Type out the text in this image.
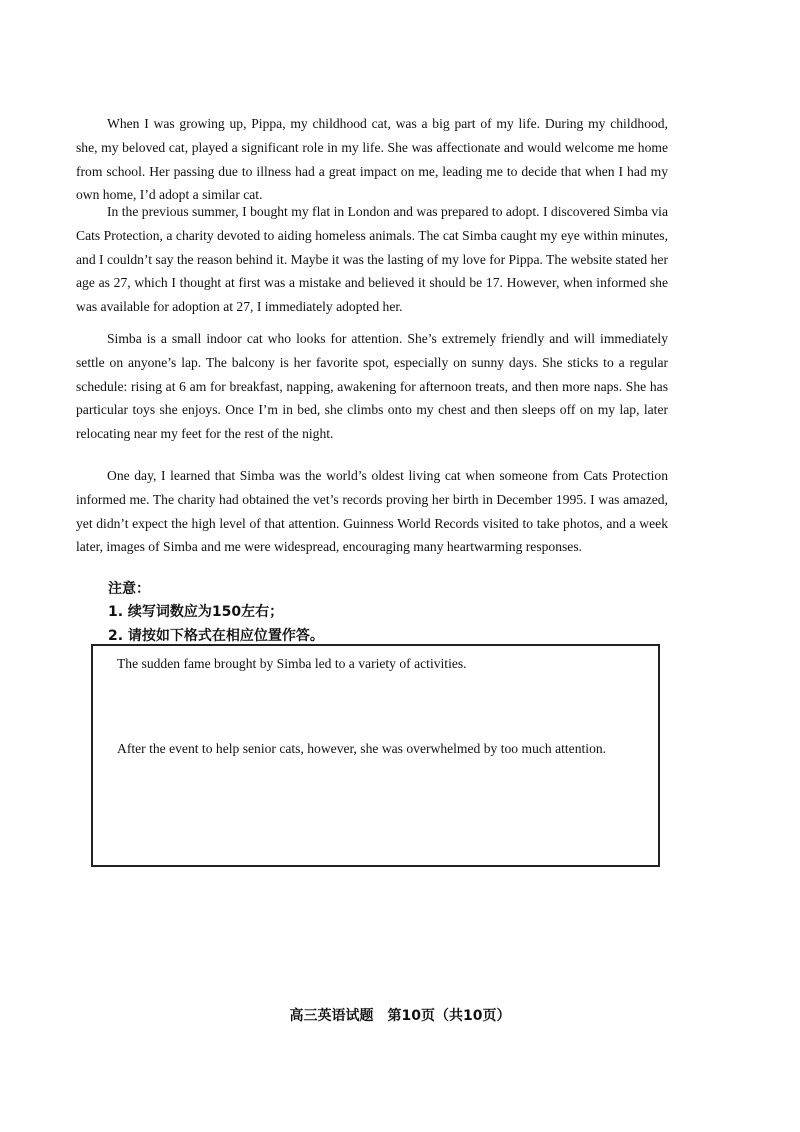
When I was growing up, Pippa, my childhood cat, was a big part of my life. During my childhood, she, my beloved cat, played a significant role in my life. She was affectionate and would welcome me home from school. Her passing due to illness had a great impact on me, leading me to decide that when I had my own home, I’d adopt a similar cat.

In the previous summer, I bought my flat in London and was prepared to adopt. I discovered Simba via Cats Protection, a charity devoted to aiding homeless animals. The cat Simba caught my eye within minutes, and I couldn’t say the reason behind it. Maybe it was the lasting of my love for Pippa. The website stated her age as 27, which I thought at first was a mistake and believed it should be 17. However, when informed she was available for adoption at 27, I immediately adopted her.

Simba is a small indoor cat who looks for attention. She’s extremely friendly and will immediately settle on anyone’s lap. The balcony is her favorite spot, especially on sunny days. She sticks to a regular schedule: rising at 6 am for breakfast, napping, awakening for afternoon treats, and then more naps. She has particular toys she enjoys. Once I’m in bed, she climbs onto my chest and then sleeps off on my lap, later relocating near my feet for the rest of the night.

One day, I learned that Simba was the world’s oldest living cat when someone from Cats Protection informed me. The charity had obtained the vet’s records proving her birth in December 1995. I was amazed, yet didn’t expect the high level of that attention. Guinness World Records visited to take photos, and a week later, images of Simba and me were widespread, encouraging many heartwarming responses.

注意：

1. 续写词数应为150左右；
2. 请按如下格式在相应位置作答。

The sudden fame brought by Simba led to a variety of activities.

After the event to help senior cats, however, she was overwhelmed by too much attention.

高三英语试题　第10页（共10页）
